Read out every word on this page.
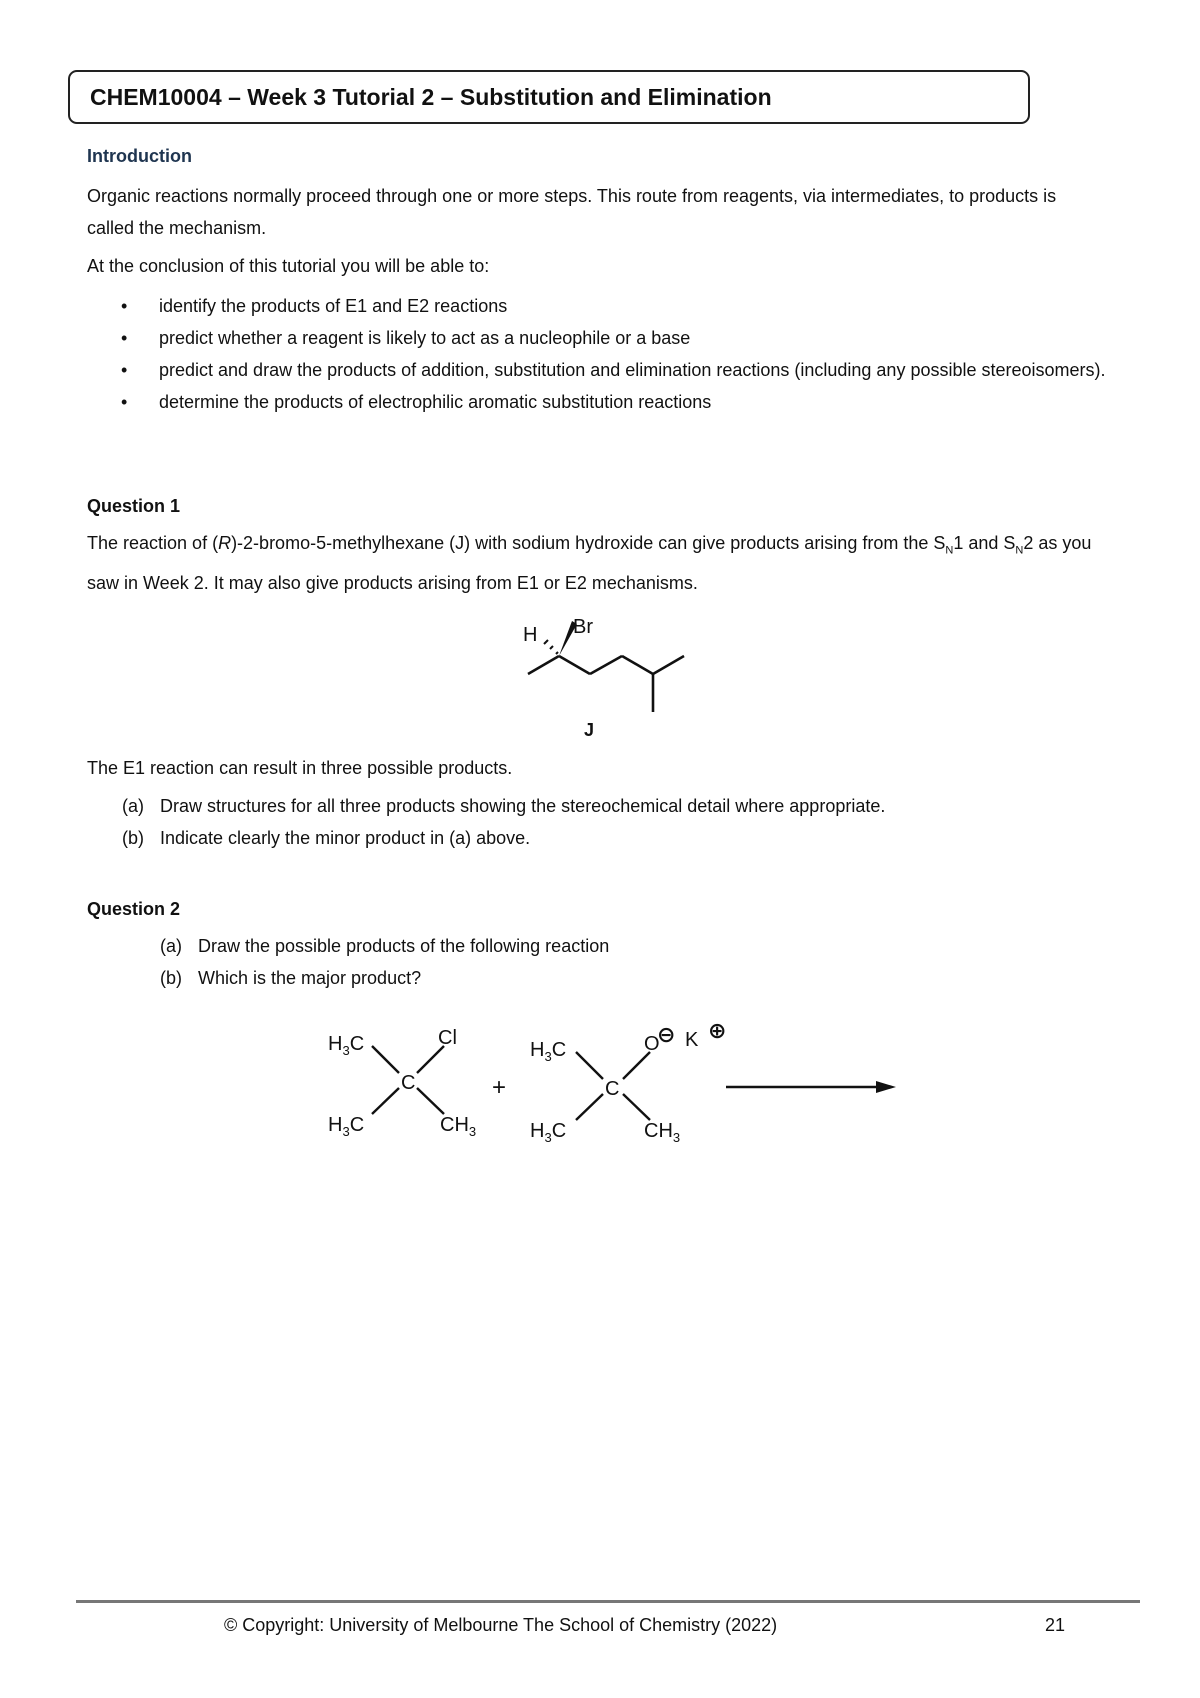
CHEM10004 – Week 3 Tutorial 2 – Substitution and Elimination
Introduction
Organic reactions normally proceed through one or more steps. This route from reagents, via intermediates, to products is called the mechanism.
At the conclusion of this tutorial you will be able to:
• identify the products of E1 and E2 reactions
• predict whether a reagent is likely to act as a nucleophile or a base
• predict and draw the products of addition, substitution and elimination reactions (including any possible stereoisomers).
• determine the products of electrophilic aromatic substitution reactions
Question 1
The reaction of (R)-2-bromo-5-methylhexane (J) with sodium hydroxide can give products arising from the $S_N1$ and $S_N2$ as you saw in Week 2. It may also give products arising from E1 or E2 mechanisms.
H Br
J
The E1 reaction can result in three possible products.
(a) Draw structures for all three products showing the stereochemical detail where appropriate.
(b) Indicate clearly the minor product in (a) above.
Question 2
(a) Draw the possible products of the following reaction
(b) Which is the major product?
$H_3C$	Cl
C
$H_3C$	$CH_3$
+
$H_3C$	O
⊖ K ⊕
C
$H_3C$	$CH_3$
© Copyright: University of Melbourne The School of Chemistry (2022)	21
